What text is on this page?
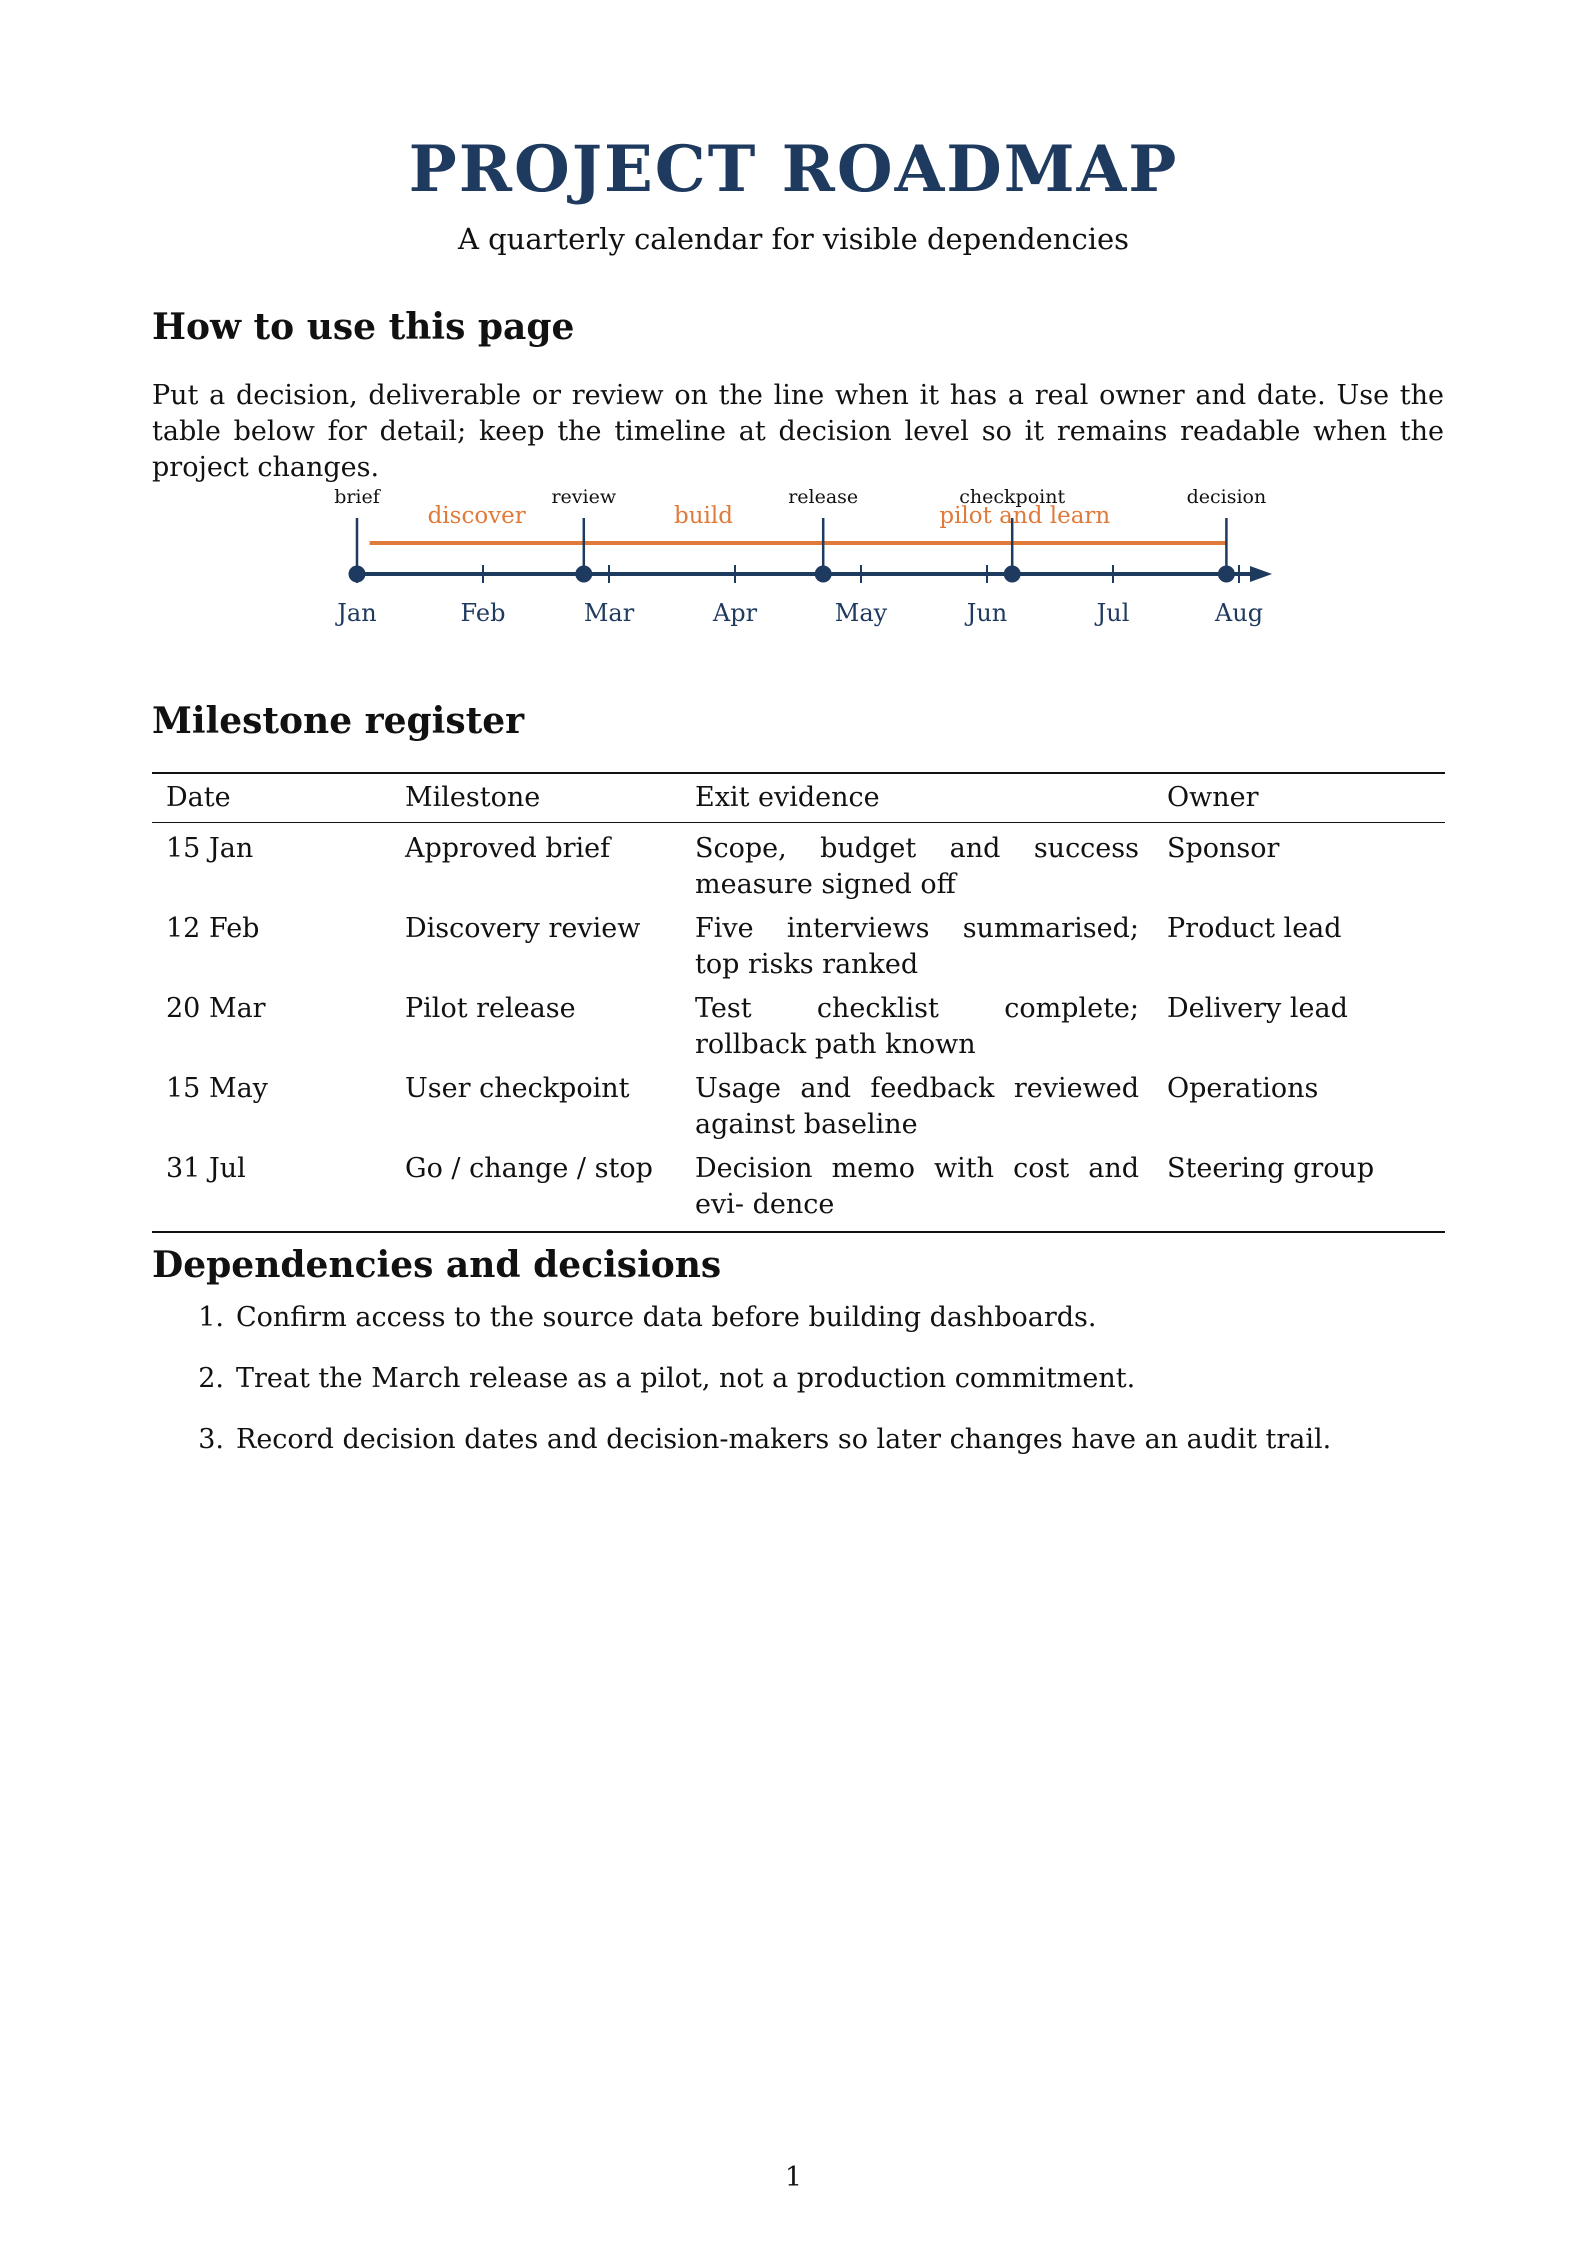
PROJECT ROADMAP

A quarterly calendar for visible dependencies

How to use this page

Put a decision, deliverable or review on the line when it has a real owner and date. Use the table below for detail; keep the timeline at decision level so it remains readable when the project changes.

Jan	Feb	Mar	Apr	May	Jun	Jul	Aug
discover	build	pilot and learn
brief	review	release	checkpoint	decision
Milestone register
Date	Milestone	Exit evidence	Owner
15 Jan	Approved brief	Scope, budget and success measure signed off	Sponsor
12 Feb	Discovery review	Five interviews summarised; top risks ranked	Product lead
20 Mar	Pilot release	Test checklist complete; rollback path known	Delivery lead
15 May	User checkpoint	Usage and feedback reviewed against baseline	Operations
31 Jul	Go / change / stop	Decision memo with cost and evi- dence	Steering group
Dependencies and decisions
1. Confirm access to the source data before building dashboards.
2. Treat the March release as a pilot, not a production commitment.
3. Record decision dates and decision-makers so later changes have an audit trail.

1
